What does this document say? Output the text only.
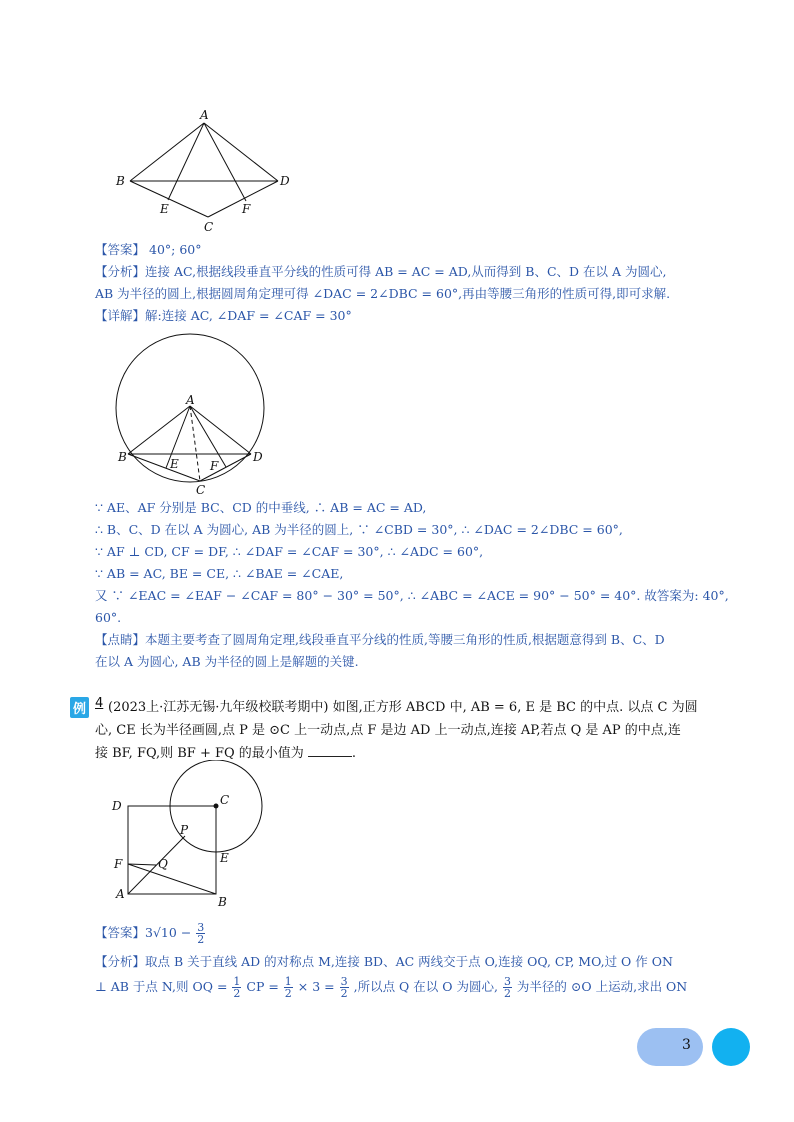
A
B	D
E	F
C
【答案】 40°; 60°
【分析】连接 AC,根据线段垂直平分线的性质可得 AB = AC = AD,从而得到 B、C、D 在以 A 为圆心,
AB 为半径的圆上,根据圆周角定理可得 ∠DAC = 2∠DBC = 60°,再由等腰三角形的性质可得,即可求解.
【详解】解:连接 AC, ∠DAF = ∠CAF = 30°
A
B	D
E	F
C
∵ AE、AF 分别是 BC、CD 的中垂线, ∴ AB = AC = AD,
∴ B、C、D 在以 A 为圆心, AB 为半径的圆上, ∵ ∠CBD = 30°, ∴ ∠DAC = 2∠DBC = 60°,
∵ AF ⊥ CD, CF = DF, ∴ ∠DAF = ∠CAF = 30°, ∴ ∠ADC = 60°,
∵ AB = AC, BE = CE, ∴ ∠BAE = ∠CAE,
又 ∵ ∠EAC = ∠EAF − ∠CAF = 80° − 30° = 50°, ∴ ∠ABC = ∠ACE = 90° − 50° = 40°. 故答案为: 40°,
60°.
【点睛】本题主要考查了圆周角定理,线段垂直平分线的性质,等腰三角形的性质,根据题意得到 B、C、D
在以 A 为圆心, AB 为半径的圆上是解题的关键.
例 4 (2023上·江苏无锡·九年级校联考期中) 如图,正方形 ABCD 中, AB = 6, E 是 BC 的中点. 以点 C 为圆
心, CE 长为半径画圆,点 P 是 ⊙C 上一动点,点 F 是边 AD 上一动点,连接 AP,若点 Q 是 AP 的中点,连
接 BF, FQ,则 BF + FQ 的最小值为	.
D	C
P
F	Q	E
A
B
【答案】$3√10 - \frac{3}{2}$
【分析】取点 B 关于直线 AD 的对称点 M,连接 BD、AC 两线交于点 O,连接 OQ, CP, MO,过 O 作 ON
⊥ AB 于点 N,则 OQ = $\frac{1}{2}$ CP = $\frac{1}{2} \times 3 = \frac{3}{2}$ ,所以点 Q 在以 O 为圆心, $\frac{3}{2}$ 为半径的 ⊙O 上运动,求出 ON
3
